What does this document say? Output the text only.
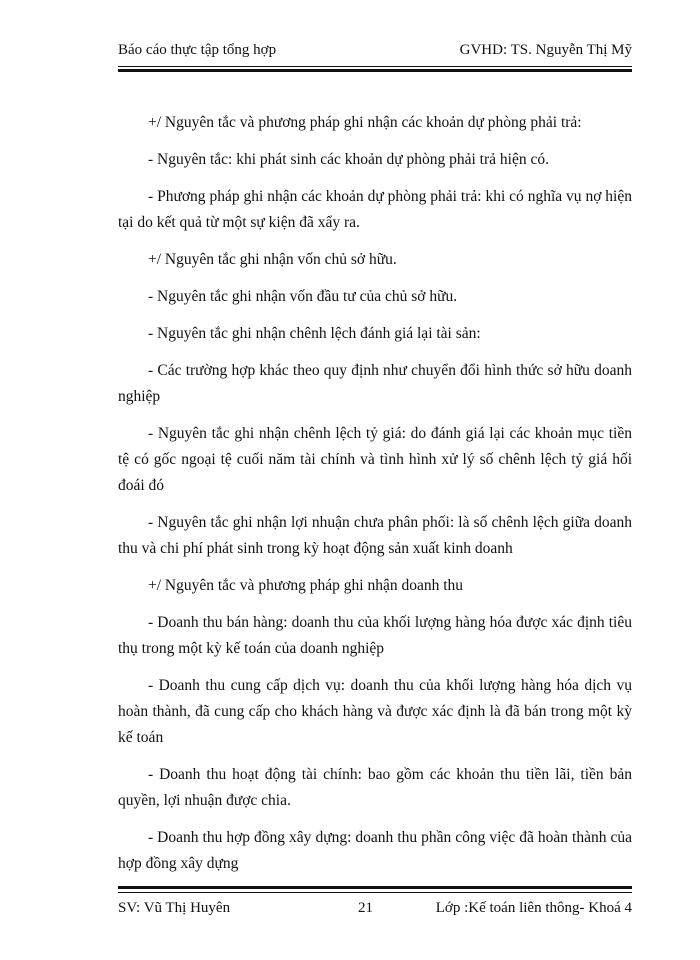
Báo cáo thực tập tổng hợp	GVHD: TS. Nguyễn Thị Mỹ

+/ Nguyên tắc và phương pháp ghi nhận các khoản dự phòng phải trả:

- Nguyên tắc: khi phát sinh các khoản dự phòng phải trả hiện có.

- Phương pháp ghi nhận các khoản dự phòng phải trả: khi có nghĩa vụ nợ hiện tại do kết quả từ một sự kiện đã xẩy ra.

+/ Nguyên tắc ghi nhận vốn chủ sở hữu.

- Nguyên tắc ghi nhận vốn đầu tư của chủ sở hữu.

- Nguyên tắc ghi nhận chênh lệch đánh giá lại tài sản:

- Các trường hợp khác theo quy định như chuyển đổi hình thức sở hữu doanh nghiệp

- Nguyên tắc ghi nhận chênh lệch tỷ giá: do đánh giá lại các khoản mục tiền tệ có gốc ngoại tệ cuối năm tài chính và tình hình xử lý số chênh lệch tỷ giá hối đoái đó

- Nguyên tắc ghi nhận lợi nhuận chưa phân phối: là số chênh lệch giữa doanh thu và chi phí phát sinh trong kỳ hoạt động sản xuất kinh doanh

+/ Nguyên tắc và phương pháp ghi nhận doanh thu

- Doanh thu bán hàng: doanh thu của khối lượng hàng hóa được xác định tiêu thụ trong một kỳ kế toán của doanh nghiệp

- Doanh thu cung cấp dịch vụ: doanh thu của khối lượng hàng hóa dịch vụ hoàn thành, đã cung cấp cho khách hàng và được xác định là đã bán trong một kỳ kế toán

- Doanh thu hoạt động tài chính: bao gồm các khoản thu tiền lãi, tiền bản quyền, lợi nhuận được chia.

- Doanh thu hợp đồng xây dựng: doanh thu phần công việc đã hoàn thành của hợp đồng xây dựng

SV: Vũ Thị Huyên	21	Lớp :Kế toán liên thông- Khoá 4
